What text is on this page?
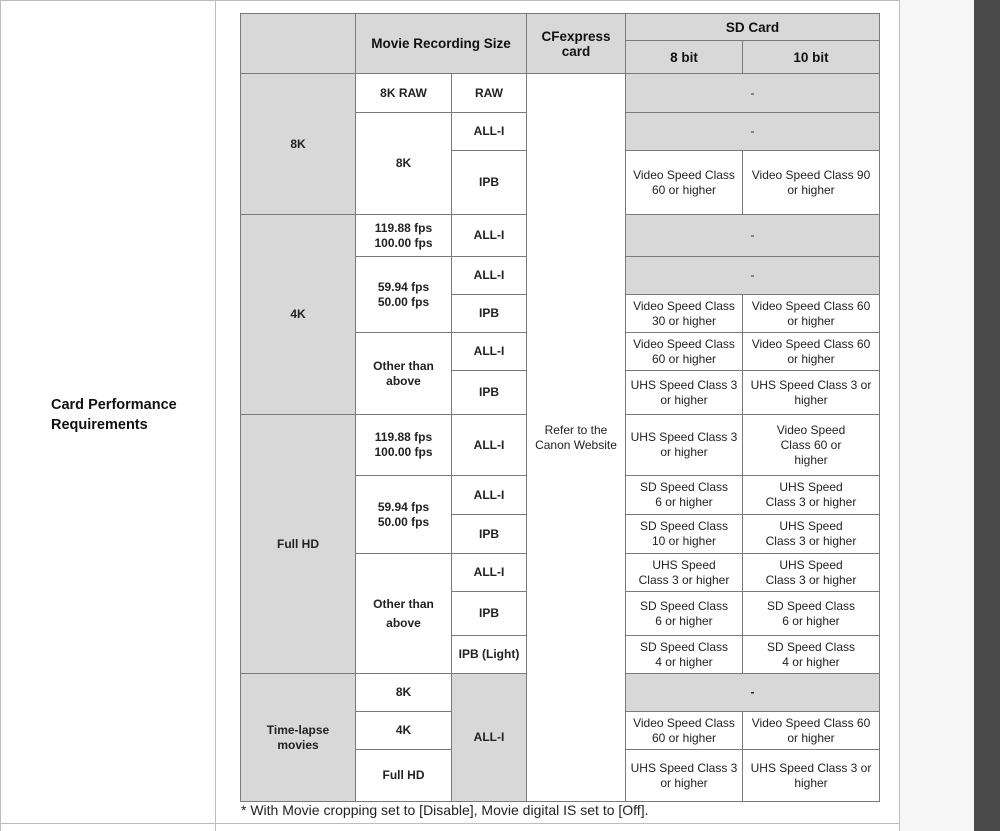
Card Performance
Requirements
Movie Recording Size	CFexpress
card
SD Card
8 bit	10 bit
8K
4K
Full HD
Time-lapse
movies
8K RAW
8K
119.88 fps
100.00 fps
59.94 fps
50.00 fps
Other than
above
119.88 fps
100.00 fps
59.94 fps
50.00 fps
Other than
above
8K
4K
Full HD
RAW
ALL-I
IPB
ALL-I
ALL-I
IPB
ALL-I
IPB
ALL-I
ALL-I
IPB
ALL-I
IPB
IPB (Light)
ALL-I
Refer to the
Canon Website
-
-
Video Speed Class
60 or higher
Video Speed Class 90
or higher
-
-
Video Speed Class
30 or higher
Video Speed Class 60
or higher
Video Speed Class
60 or higher
Video Speed Class 60
or higher
UHS Speed Class 3
or higher
UHS Speed Class 3 or
higher
UHS Speed Class 3
or higher
Video Speed
Class 60 or
higher
SD Speed Class
6 or higher
UHS Speed
Class 3 or higher
SD Speed Class
10 or higher
UHS Speed
Class 3 or higher
UHS Speed
Class 3 or higher
UHS Speed
Class 3 or higher
SD Speed Class
6 or higher
SD Speed Class
6 or higher
SD Speed Class
4 or higher
SD Speed Class
4 or higher
-
Video Speed Class
60 or higher
Video Speed Class 60
or higher
UHS Speed Class 3
or higher
UHS Speed Class 3 or
higher
* With Movie cropping set to [Disable], Movie digital IS set to [Off].
